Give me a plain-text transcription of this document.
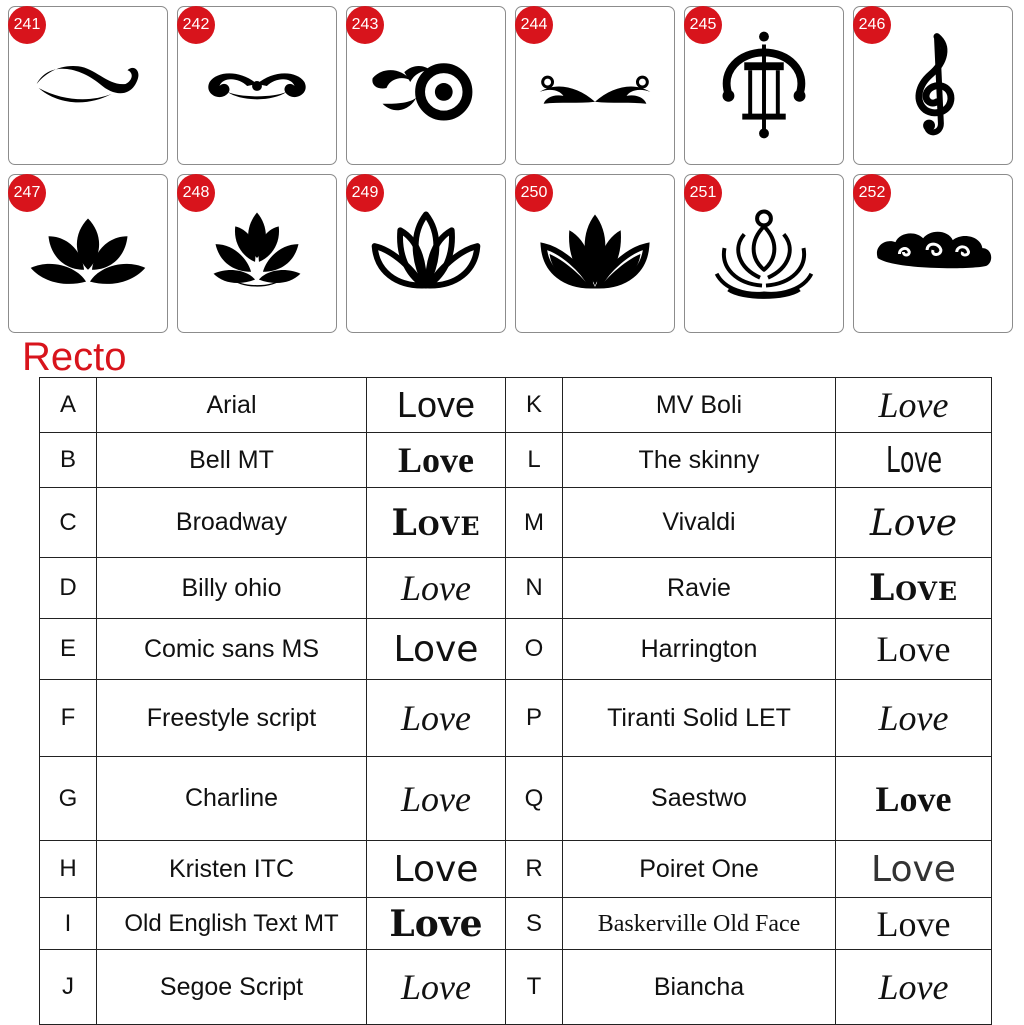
241	242	243	244	245	246
247	248	249	250	251	252
Recto
A	Arial	Love	K	MV Boli	Love
B	Bell MT	Love	L	The skinny	Love
C	Broadway	Love	M	Vivaldi	Love
D	Billy ohio	Love	N	Ravie	Love
E	Comic sans MS	Love	O	Harrington	Love
F	Freestyle script	Love	P	Tiranti Solid LET	Love
G	Charline	Love	Q	Saestwo	Love
H	Kristen ITC	Love	R	Poiret One	Love
I	Old English Text MT	Love	S	Baskerville Old Face	Love
J	Segoe Script	Love	T	Biancha	Love
